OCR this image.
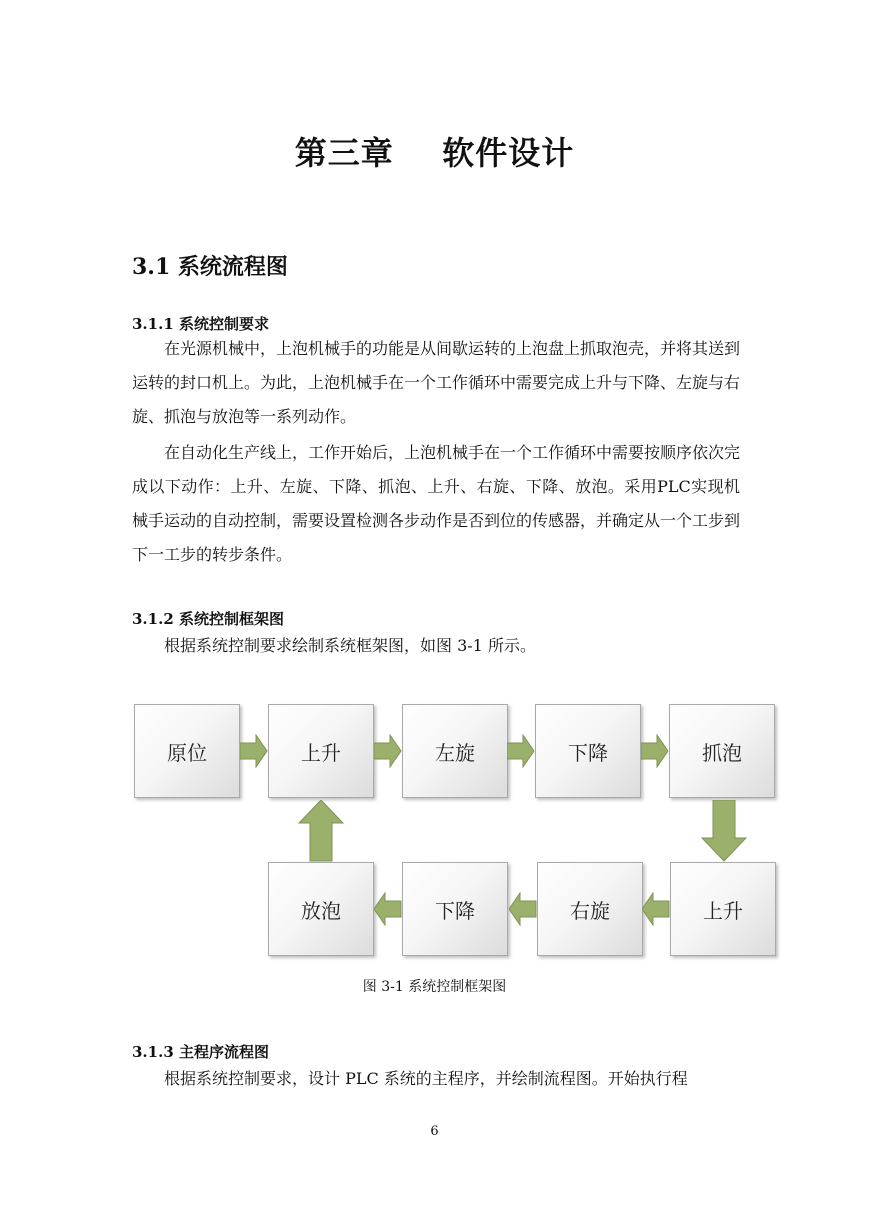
第三章    软件设计
3.1 系统流程图
3.1.1 系统控制要求
在光源机械中，上泡机械手的功能是从间歇运转的上泡盘上抓取泡壳，并将其送到运转的封口机上。为此，上泡机械手在一个工作循环中需要完成上升与下降、左旋与右旋、抓泡与放泡等一系列动作。
在自动化生产线上，工作开始后，上泡机械手在一个工作循环中需要按顺序依次完成以下动作：上升、左旋、下降、抓泡、上升、右旋、下降、放泡。采用PLC实现机械手运动的自动控制，需要设置检测各步动作是否到位的传感器，并确定从一个工步到下一工步的转步条件。
3.1.2 系统控制框架图
根据系统控制要求绘制系统框架图，如图 3-1 所示。
原位	上升	左旋	下降	抓泡
放泡	下降	右旋	上升
图 3-1 系统控制框架图
3.1.3 主程序流程图
根据系统控制要求，设计 PLC 系统的主程序，并绘制流程图。开始执行程
6
